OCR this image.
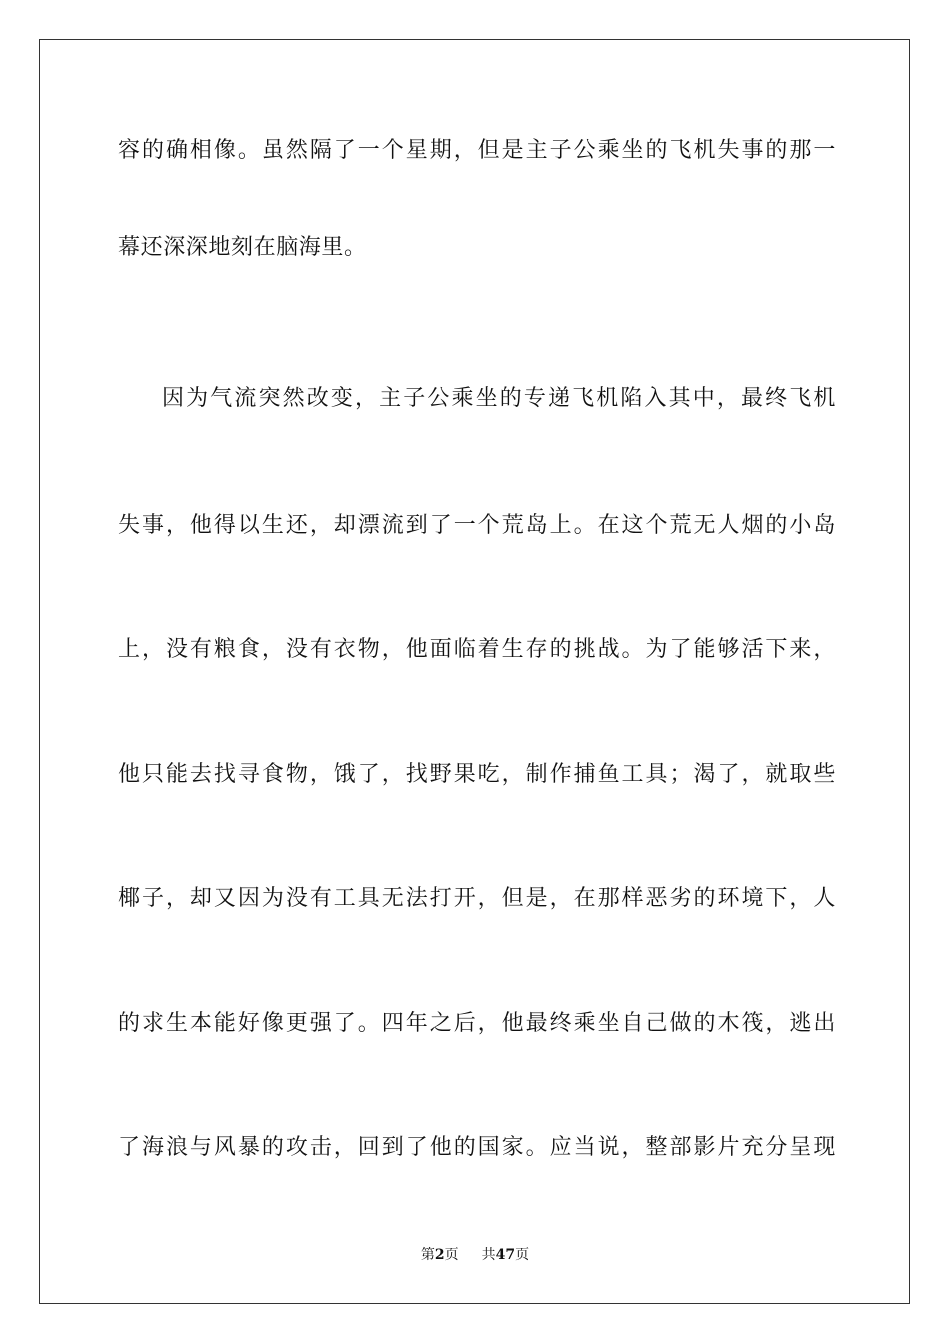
容的确相像。虽然隔了一个星期，但是主子公乘坐的飞机失事的那一
幕还深深地刻在脑海里。
因为气流突然改变，主子公乘坐的专递飞机陷入其中，最终飞机
失事，他得以生还，却漂流到了一个荒岛上。在这个荒无人烟的小岛
上，没有粮食，没有衣物，他面临着生存的挑战。为了能够活下来，
他只能去找寻食物，饿了，找野果吃，制作捕鱼工具；渴了，就取些
椰子，却又因为没有工具无法打开，但是，在那样恶劣的环境下，人
的求生本能好像更强了。四年之后，他最终乘坐自己做的木筏，逃出
了海浪与风暴的攻击，回到了他的国家。应当说，整部影片充分呈现
第2页 共47页
